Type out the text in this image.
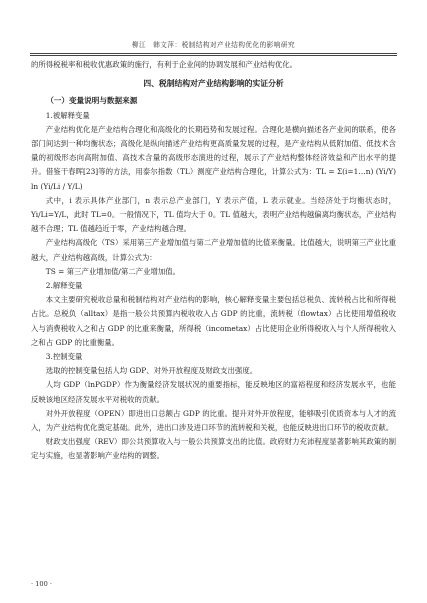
柳江　韩文萍：税制结构对产业结构优化的影响研究

的所得税税率和税收优惠政策的施行，有利于企业间的协调发展和产业结构优化。

四、税制结构对产业结构影响的实证分析

（一）变量说明与数据来源

1.被解释变量

产业结构优化是产业结构合理化和高级化的长期趋势和发展过程。合理化是横向描述各产业间的联系，使各部门间达到一种均衡状态；高级化是纵向描述产业结构更高质量发展的过程，是产业结构从低附加值、低技术含量的初级形态向高附加值、高技术含量的高级形态演进的过程，展示了产业结构整体经济效益和产出水平的提升。借鉴干春晖[23]等的方法，用泰尔指数（TL）测度产业结构合理化，计算公式为：TL = Σ(i=1…n) (Yi/Y) ln (Yi/Li / Y/L)

式中，i 表示具体产业部门，n 表示总产业部门，Y 表示产值，L 表示就业。当经济处于均衡状态时，Yi/Li=Y/L，此时 TL=0。一般情况下，TL 值均大于 0。TL 值越大，表明产业结构越偏离均衡状态，产业结构越不合理；TL 值越趋近于零，产业结构越合理。

产业结构高级化（TS）采用第三产业增加值与第二产业增加值的比值来衡量。比值越大，说明第三产业比重越大，产业结构越高级，计算公式为：

TS = 第三产业增加值/第二产业增加值。

2.解释变量

本文主要研究税收总量和税制结构对产业结构的影响，核心解释变量主要包括总税负、流转税占比和所得税占比。总税负（alltax）是指一般公共预算内税收收入占 GDP 的比重，流转税（flowtax）占比使用增值税收入与消费税收入之和占 GDP 的比重来衡量，所得税（incometax）占比使用企业所得税收入与个人所得税收入之和占 GDP 的比重衡量。

3.控制变量

选取的控制变量包括人均 GDP、对外开放程度及财政支出强度。

人均 GDP（lnPGDP）作为衡量经济发展状况的重要指标，能反映地区的富裕程度和经济发展水平，也能反映该地区经济发展水平对税收的贡献。

对外开放程度（OPEN）即进出口总额占 GDP 的比重。提升对外开放程度，能够吸引优质资本与人才的流入，为产业结构优化奠定基础。此外，进出口涉及进口环节的流转税和关税，也能反映进出口环节的税收贡献。

财政支出强度（REV）即公共预算收入与一般公共预算支出的比值。政府财力充沛程度显著影响其政策的制定与实施，也显著影响产业结构的调整。

· 100 ·
